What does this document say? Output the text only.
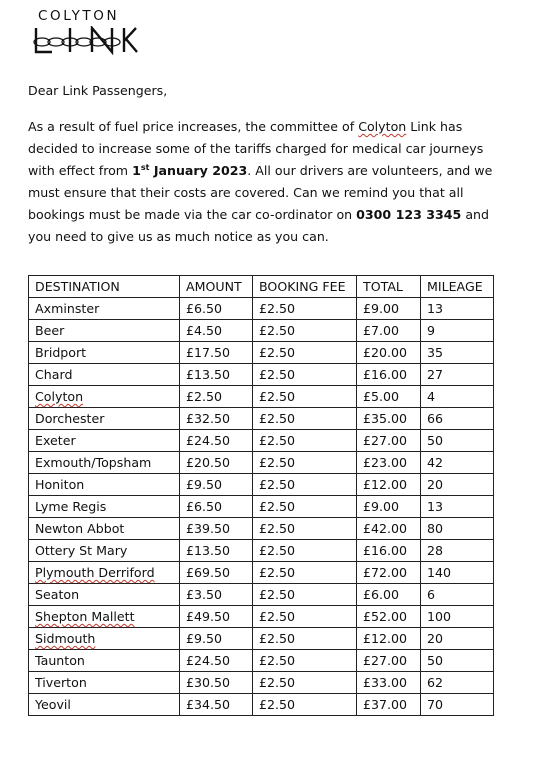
COLYTON
Dear Link Passengers,
As a result of fuel price increases, the committee of Colyton Link has decided to increase some of the tariffs charged for medical car journeys with effect from 1st January 2023. All our drivers are volunteers, and we must ensure that their costs are covered. Can we remind you that all bookings must be made via the car co-ordinator on 0300 123 3345 and you need to give us as much notice as you can.
DESTINATION	AMOUNT	BOOKING FEE	TOTAL	MILEAGE
Axminster	£6.50	£2.50	£9.00	13
Beer	£4.50	£2.50	£7.00	9
Bridport	£17.50	£2.50	£20.00	35
Chard	£13.50	£2.50	£16.00	27
Colyton	£2.50	£2.50	£5.00	4
Dorchester	£32.50	£2.50	£35.00	66
Exeter	£24.50	£2.50	£27.00	50
Exmouth/Topsham	£20.50	£2.50	£23.00	42
Honiton	£9.50	£2.50	£12.00	20
Lyme Regis	£6.50	£2.50	£9.00	13
Newton Abbot	£39.50	£2.50	£42.00	80
Ottery St Mary	£13.50	£2.50	£16.00	28
Plymouth Derriford	£69.50	£2.50	£72.00	140
Seaton	£3.50	£2.50	£6.00	6
Shepton Mallett	£49.50	£2.50	£52.00	100
Sidmouth	£9.50	£2.50	£12.00	20
Taunton	£24.50	£2.50	£27.00	50
Tiverton	£30.50	£2.50	£33.00	62
Yeovil	£34.50	£2.50	£37.00	70
